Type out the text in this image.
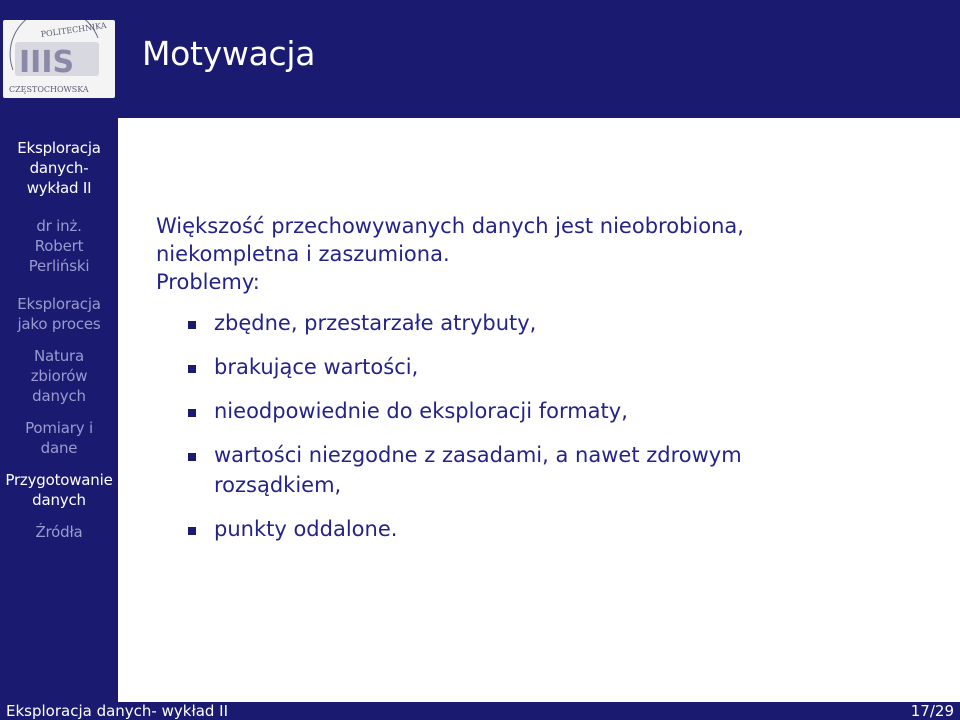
POLITECHNIKA
IIIS
CZĘSTOCHOWSKA
Eksploracja
danych-
wykład II
dr inż.
Robert
Perliński
Eksploracja
jako proces
Natura
zbiorów
danych
Pomiary i
dane
Przygotowanie
danych
Źródła
Motywacja
Większość przechowywanych danych jest nieobrobiona,
niekompletna i zaszumiona.
Problemy:
zbędne, przestarzałe atrybuty,
brakujące wartości,
nieodpowiednie do eksploracji formaty,
wartości niezgodne z zasadami, a nawet zdrowym rozsądkiem,
punkty oddalone.
Eksploracja danych- wykład II	17/29
